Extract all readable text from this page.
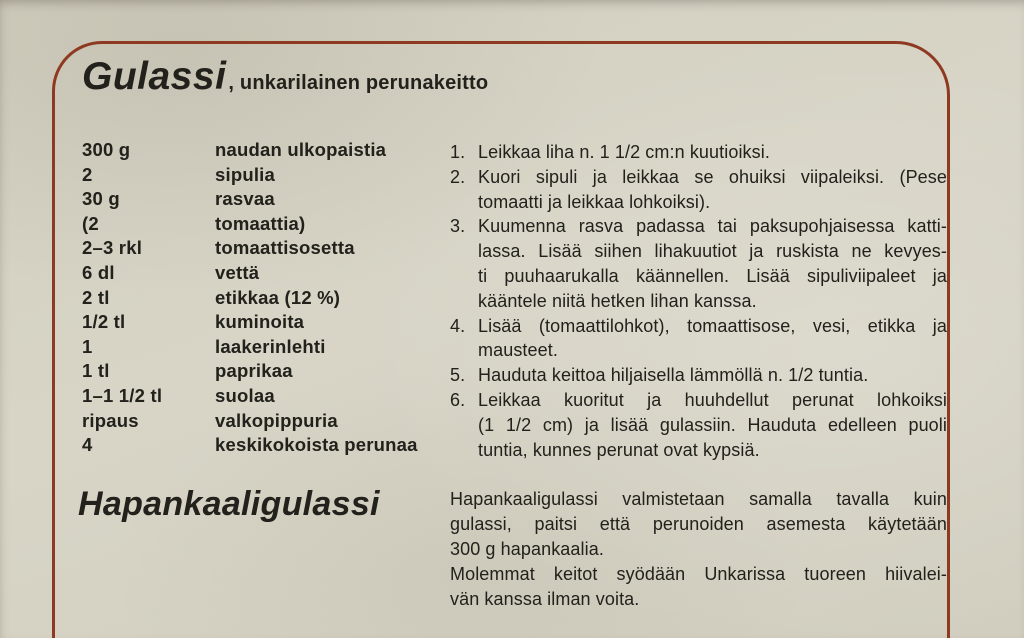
Gulassi , unkarilainen perunakeitto
300 g	naudan ulkopaistia
2	sipulia
30 g	rasvaa
(2	tomaattia)
2–3 rkl	tomaattisosetta
6 dl	vettä
2 tl	etikkaa (12 %)
1/2 tl	kuminoita
1	laakerinlehti
1 tl	paprikaa
1–1 1/2 tl	suolaa
ripaus	valkopippuria
4	keskikokoista perunaa
1. Leikkaa liha n. 1 1/2 cm:n kuutioiksi.
2. Kuori sipuli ja leikkaa se ohuiksi viipaleiksi. (Pese
tomaatti ja leikkaa lohkoiksi).
3. Kuumenna rasva padassa tai paksupohjaisessa katti-
lassa. Lisää siihen lihakuutiot ja ruskista ne kevyes-
ti puuhaarukalla käännellen. Lisää sipuliviipaleet ja
kääntele niitä hetken lihan kanssa.
4. Lisää (tomaattilohkot), tomaattisose, vesi, etikka ja
mausteet.
5. Hauduta keittoa hiljaisella lämmöllä n. 1/2 tuntia.
6. Leikkaa kuoritut ja huuhdellut perunat lohkoiksi
(1 1/2 cm) ja lisää gulassiin. Hauduta edelleen puoli
tuntia, kunnes perunat ovat kypsiä.
Hapankaaligulassi	Hapankaaligulassi valmistetaan samalla tavalla kuin
gulassi, paitsi että perunoiden asemesta käytetään
300 g hapankaalia.
Molemmat keitot syödään Unkarissa tuoreen hiivalei-
vän kanssa ilman voita.
